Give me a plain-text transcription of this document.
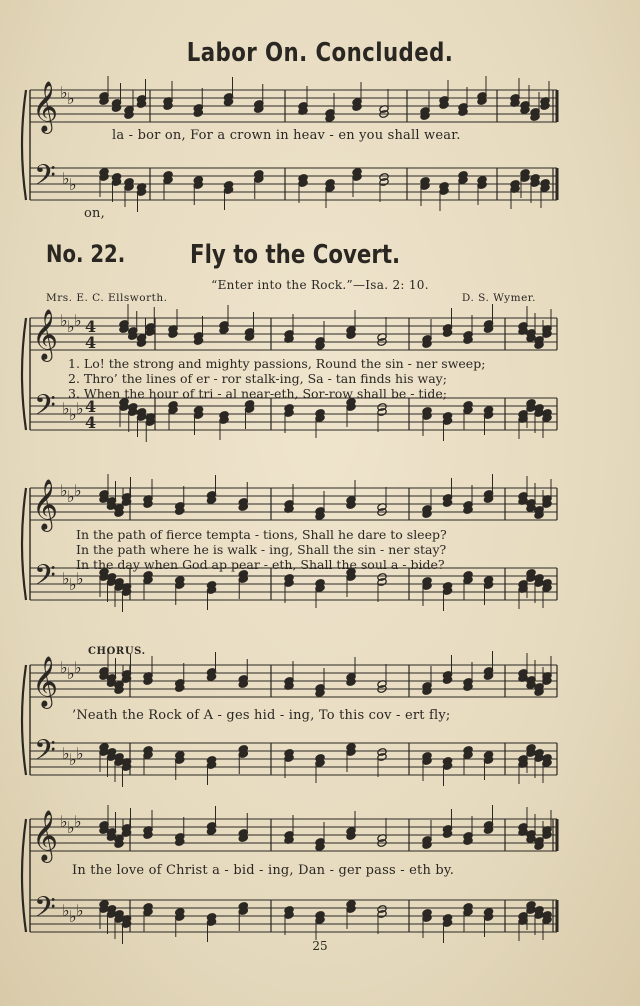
𝄞
𝄢
♭ ♭
♭ ♭
𝄞
𝄢
♭ ♭ ♭
♭ ♭ ♭
4
4
4
4
𝄞
𝄢
♭ ♭ ♭
♭ ♭ ♭
𝄞
𝄢
♭ ♭ ♭
♭ ♭ ♭
𝄞
𝄢
♭ ♭ ♭
♭ ♭ ♭
Labor On. Concluded.
la - bor on, For a crown in heav - en you shall wear.
on,
No. 22. Fly to the Covert.
“Enter into the Rock.”—Isa. 2: 10.
Mrs. E. C. Ellsworth.	D. S. Wymer.
1. Lo! the strong and mighty passions, Round the sin - ner sweep;
2. Thro’ the lines of er - ror stalk-ing, Sa - tan finds his way;
3. When the hour of tri - al near-eth, Sor-row shall be - tide;
In the path of fierce tempta - tions, Shall he dare to sleep?
In the path where he is walk - ing, Shall the sin - ner stay?
In the day when God ap pear - eth, Shall the soul a - bide?
CHORUS.
’Neath the Rock of A - ges hid - ing, To this cov - ert fly;
In the love of Christ a - bid - ing, Dan - ger pass - eth by.
25
